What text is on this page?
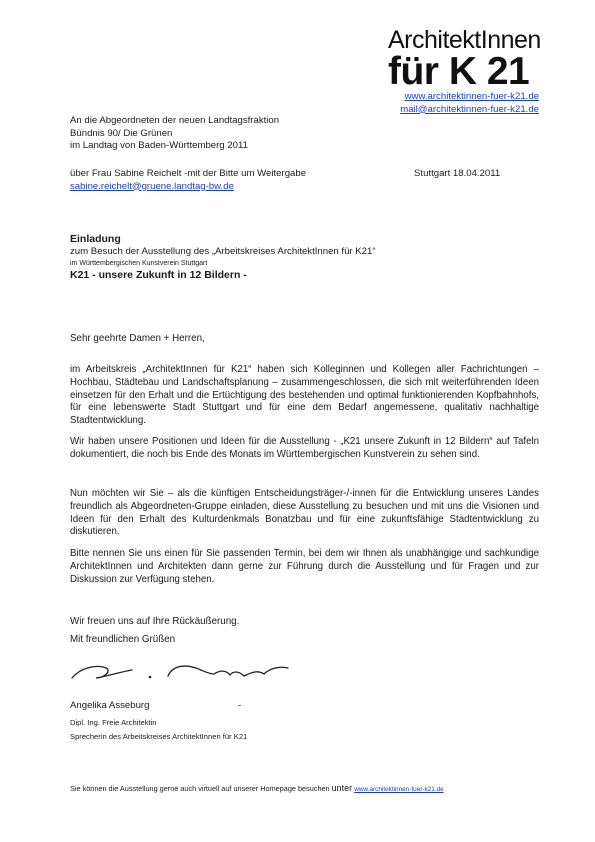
ArchitektInnen
für K 21
www.architektinnen-fuer-k21.de
mail@architektinnen-fuer-k21.de
An die Abgeordneten der neuen Landtagsfraktion
Bündnis 90/ Die Grünen
im Landtag von Baden-Württemberg 2011
über Frau Sabine Reichelt -mit der Bitte um Weitergabe
sabine.reichelt@gruene.landtag-bw.de
Stuttgart 18.04.2011
Einladung
zum Besuch der Ausstellung des „Arbeitskreises ArchitektInnen für K21“
im Württembergischen Kunstverein Stuttgart
K21 - unsere Zukunft in 12 Bildern -
Sehr geehrte Damen + Herren,

im Arbeitskreis „ArchitektInnen für K21“ haben sich Kolleginnen und Kollegen aller Fachrichtungen – Hochbau, Städtebau und Landschaftsplanung – zusammengeschlossen, die sich mit weiterführenden Ideen einsetzen für den Erhalt und die Ertüchtigung des bestehenden und optimal funktionierenden Kopfbahnhofs, für eine lebenswerte Stadt Stuttgart und für eine dem Bedarf angemessene, qualitativ nachhaltige Stadtentwicklung.

Wir haben unsere Positionen und Ideen für die Ausstellung - „K21 unsere Zukunft in 12 Bildern“ auf Tafeln dokumentiert, die noch bis Ende des Monats im Württembergischen Kunstverein zu sehen sind.

Nun möchten wir Sie – als die künftigen Entscheidungsträger-/-innen für die Entwicklung unseres Landes freundlich als Abgeordneten-Gruppe einladen, diese Ausstellung zu besuchen und mit uns die Visionen und Ideen für den Erhalt des Kulturdenkmals Bonatzbau und für eine zukunftsfähige Stadtentwicklung zu diskutieren.

Bitte nennen Sie uns einen für Sie passenden Termin, bei dem wir Ihnen als unabhängige und sachkundige ArchitektInnen und Architekten dann gerne zur Führung durch die Ausstellung und für Fragen und zur Diskussion zur Verfügung stehen.

Wir freuen uns auf Ihre Rückäußerung.
Mit freundlichen Grüßen
Angelika Asseburg	-
Dipl. Ing. Freie Architektin
Sprecherin des Arbeitskreises ArchitektInnen für K21
Sie können die Ausstellung gerne auch virtuell auf unserer Homepage besuchen unter www.architektinnen-fuer-k21.de
